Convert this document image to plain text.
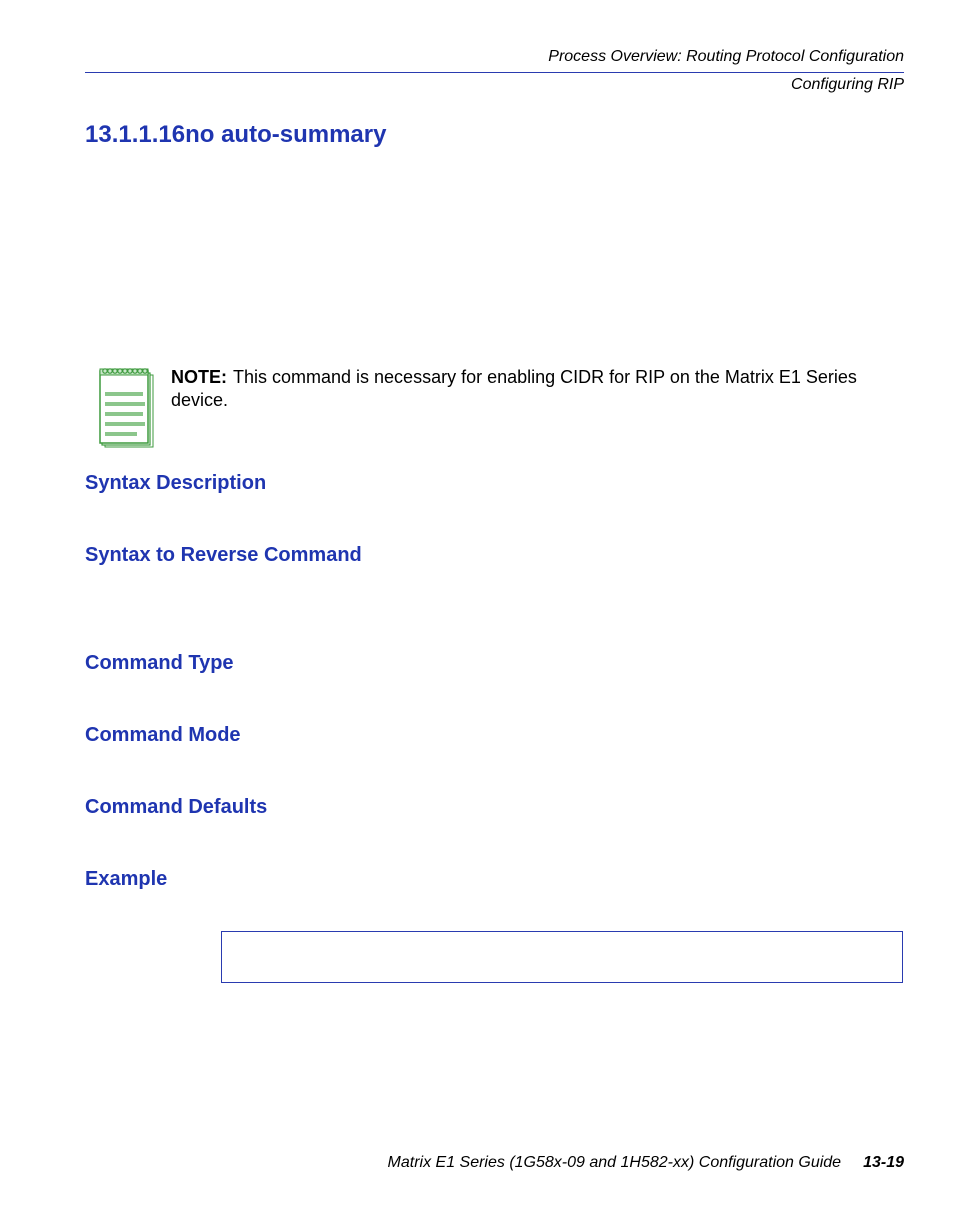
Process Overview: Routing Protocol Configuration
Configuring RIP
13.1.1.16no auto-summary
NOTE: This command is necessary for enabling CIDR for RIP on the Matrix E1 Series device.
Syntax Description
Syntax to Reverse Command
Command Type
Command Mode
Command Defaults
Example
Matrix E1 Series (1G58x-09 and 1H582-xx) Configuration Guide 13-19
